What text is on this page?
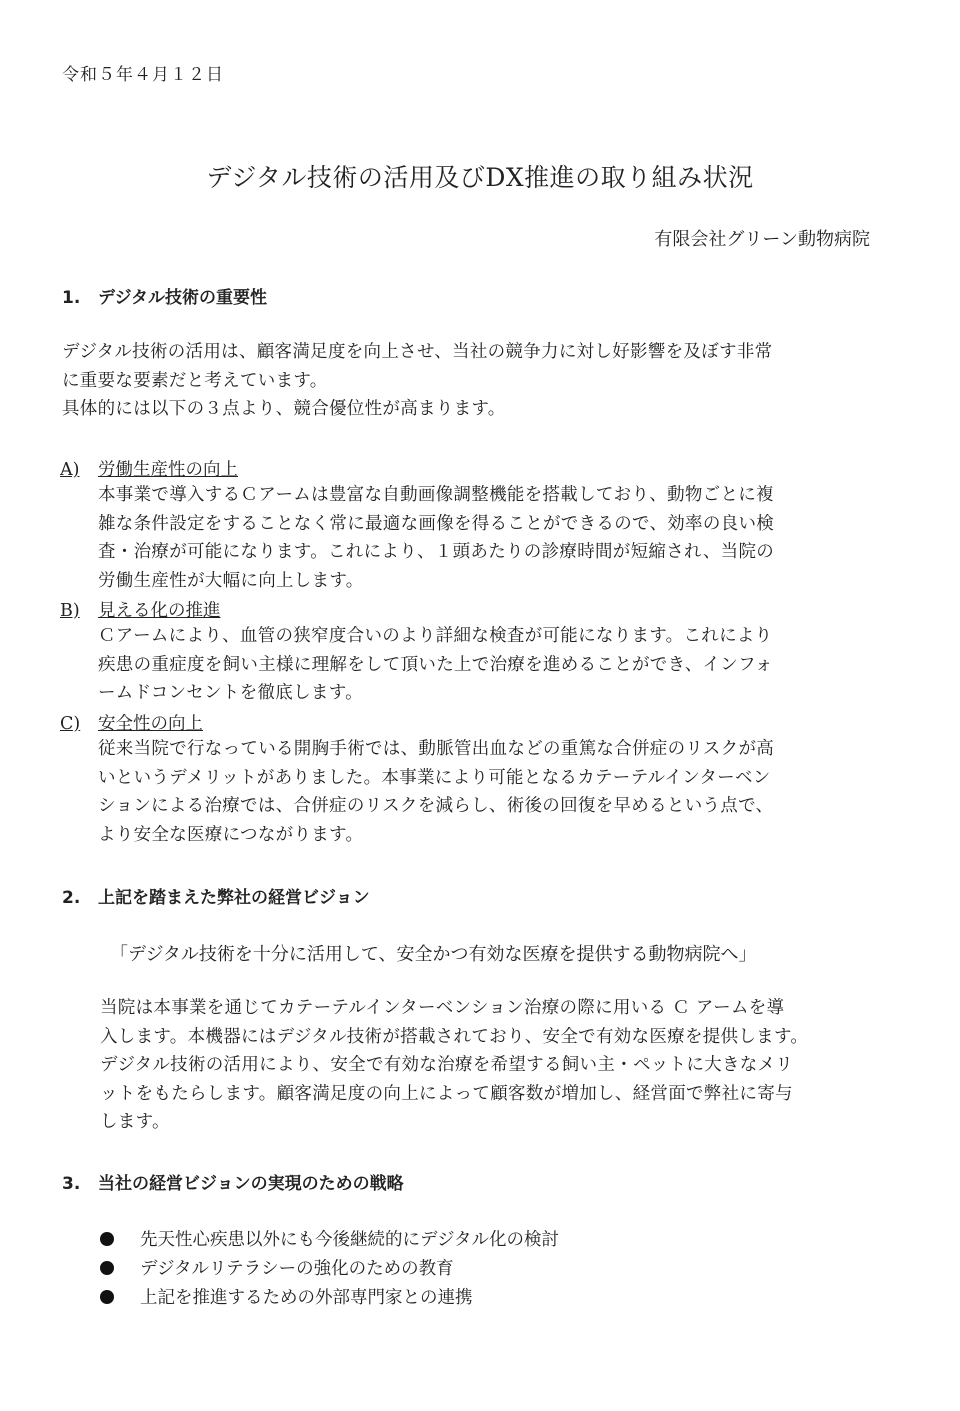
令和５年４月１２日
デジタル技術の活用及びDX推進の取り組み状況
有限会社グリーン動物病院
1. デジタル技術の重要性
デジタル技術の活用は、顧客満足度を向上させ、当社の競争力に対し好影響を及ぼす非常
に重要な要素だと考えています。
具体的には以下の３点より、競合優位性が高まります。
A) 労働生産性の向上
本事業で導入するＣアームは豊富な自動画像調整機能を搭載しており、動物ごとに複
雑な条件設定をすることなく常に最適な画像を得ることができるので、効率の良い検
査・治療が可能になります。これにより、１頭あたりの診療時間が短縮され、当院の
労働生産性が大幅に向上します。
B) 見える化の推進
Ｃアームにより、血管の狭窄度合いのより詳細な検査が可能になります。これにより
疾患の重症度を飼い主様に理解をして頂いた上で治療を進めることができ、インフォ
ームドコンセントを徹底します。
C) 安全性の向上
従来当院で行なっている開胸手術では、動脈管出血などの重篤な合併症のリスクが高
いというデメリットがありました。本事業により可能となるカテーテルインターベン
ションによる治療では、合併症のリスクを減らし、術後の回復を早めるという点で、
より安全な医療につながります。
2. 上記を踏まえた弊社の経営ビジョン
「デジタル技術を十分に活用して、安全かつ有効な医療を提供する動物病院へ」
当院は本事業を通じてカテーテルインターベンション治療の際に用いる Ｃ アームを導
入します。本機器にはデジタル技術が搭載されており、安全で有効な医療を提供します。
デジタル技術の活用により、安全で有効な治療を希望する飼い主・ペットに大きなメリ
ットをもたらします。顧客満足度の向上によって顧客数が増加し、経営面で弊社に寄与
します。
3. 当社の経営ビジョンの実現のための戦略
先天性心疾患以外にも今後継続的にデジタル化の検討
デジタルリテラシーの強化のための教育
上記を推進するための外部専門家との連携
